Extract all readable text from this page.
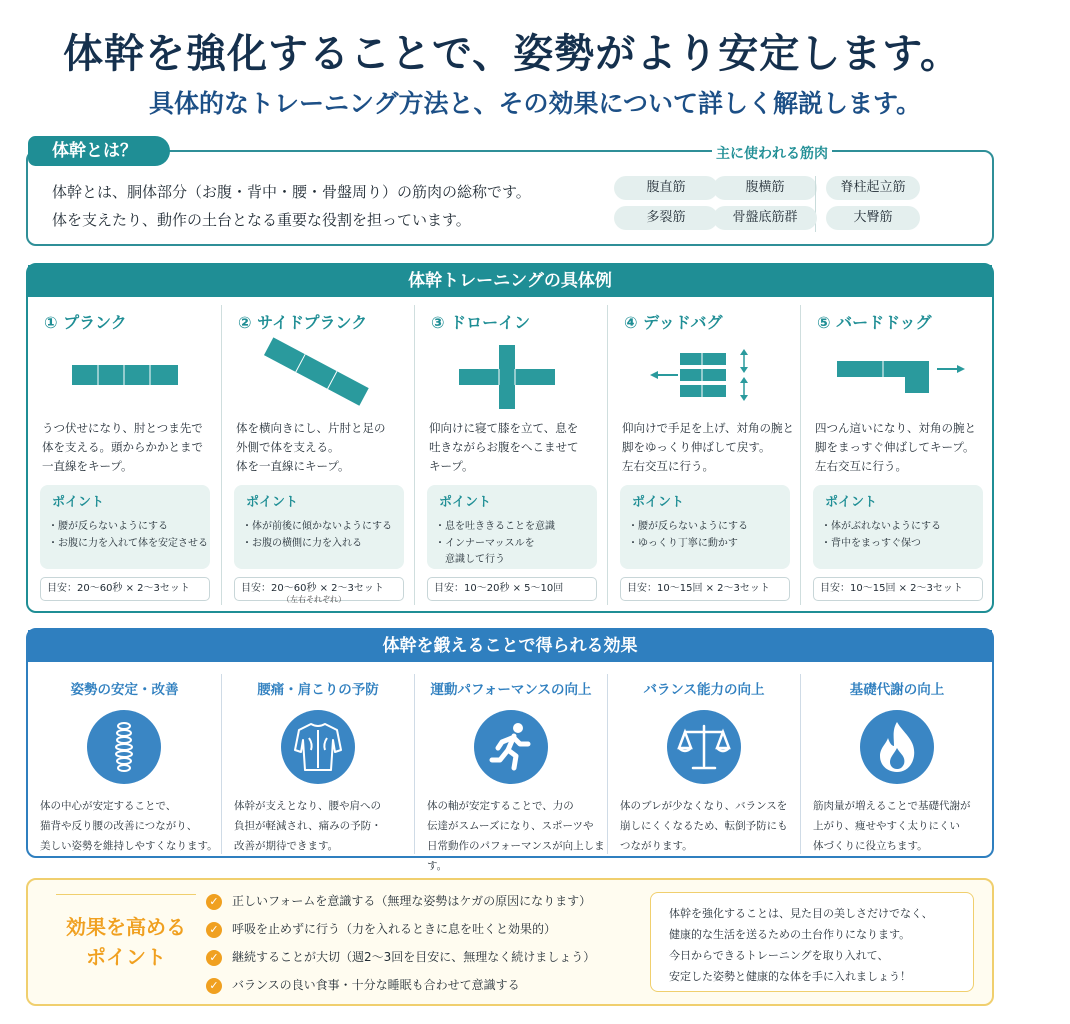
体幹を強化することで、姿勢がより安定します。
具体的なトレーニング方法と、その効果について詳しく解説します。
体幹とは？
体幹とは、胴体部分（お腹・背中・腰・骨盤周り）の筋肉の総称です。
体を支えたり、動作の土台となる重要な役割を担っています。
主に使われる筋肉
腹直筋	腹横筋	脊柱起立筋
多裂筋	骨盤底筋群	大臀筋
体幹トレーニングの具体例
① プランク
うつ伏せになり、肘とつま先で
体を支える。頭からかかとまで
一直線をキープ。
ポイント
・腰が反らないようにする
・お腹に力を入れて体を安定させる
目安：20〜60秒 × 2〜3セット
② サイドプランク
体を横向きにし、片肘と足の
外側で体を支える。
体を一直線にキープ。
ポイント
・体が前後に傾かないようにする
・お腹の横側に力を入れる
目安：20〜60秒 × 2〜3セット
（左右それぞれ）
③ ドローイン
仰向けに寝て膝を立て、息を
吐きながらお腹をへこませて
キープ。
ポイント
・息を吐ききることを意識
・インナーマッスルを
　意識して行う
目安：10〜20秒 × 5〜10回
④ デッドバグ
仰向けで手足を上げ、対角の腕と
脚をゆっくり伸ばして戻す。
左右交互に行う。
ポイント
・腰が反らないようにする
・ゆっくり丁寧に動かす
目安：10〜15回 × 2〜3セット
⑤ バードドッグ
四つん這いになり、対角の腕と
脚をまっすぐ伸ばしてキープ。
左右交互に行う。
ポイント
・体がぶれないようにする
・背中をまっすぐ保つ
目安：10〜15回 × 2〜3セット
体幹を鍛えることで得られる効果
姿勢の安定・改善
体の中心が安定することで、
猫背や反り腰の改善につながり、
美しい姿勢を維持しやすくなります。
腰痛・肩こりの予防
体幹が支えとなり、腰や肩への
負担が軽減され、痛みの予防・
改善が期待できます。
運動パフォーマンスの向上
体の軸が安定することで、力の
伝達がスムーズになり、スポーツや
日常動作のパフォーマンスが向上します。
バランス能力の向上
体のブレが少なくなり、バランスを
崩しにくくなるため、転倒予防にも
つながります。
基礎代謝の向上
筋肉量が増えることで基礎代謝が
上がり、痩せやすく太りにくい
体づくりに役立ちます。
効果を高める
ポイント
✓ 正しいフォームを意識する（無理な姿勢はケガの原因になります）
✓ 呼吸を止めずに行う（力を入れるときに息を吐くと効果的）
✓ 継続することが大切（週2〜3回を目安に、無理なく続けましょう）
✓ バランスの良い食事・十分な睡眠も合わせて意識する
体幹を強化することは、見た目の美しさだけでなく、
健康的な生活を送るための土台作りになります。
今日からできるトレーニングを取り入れて、
安定した姿勢と健康的な体を手に入れましょう！
